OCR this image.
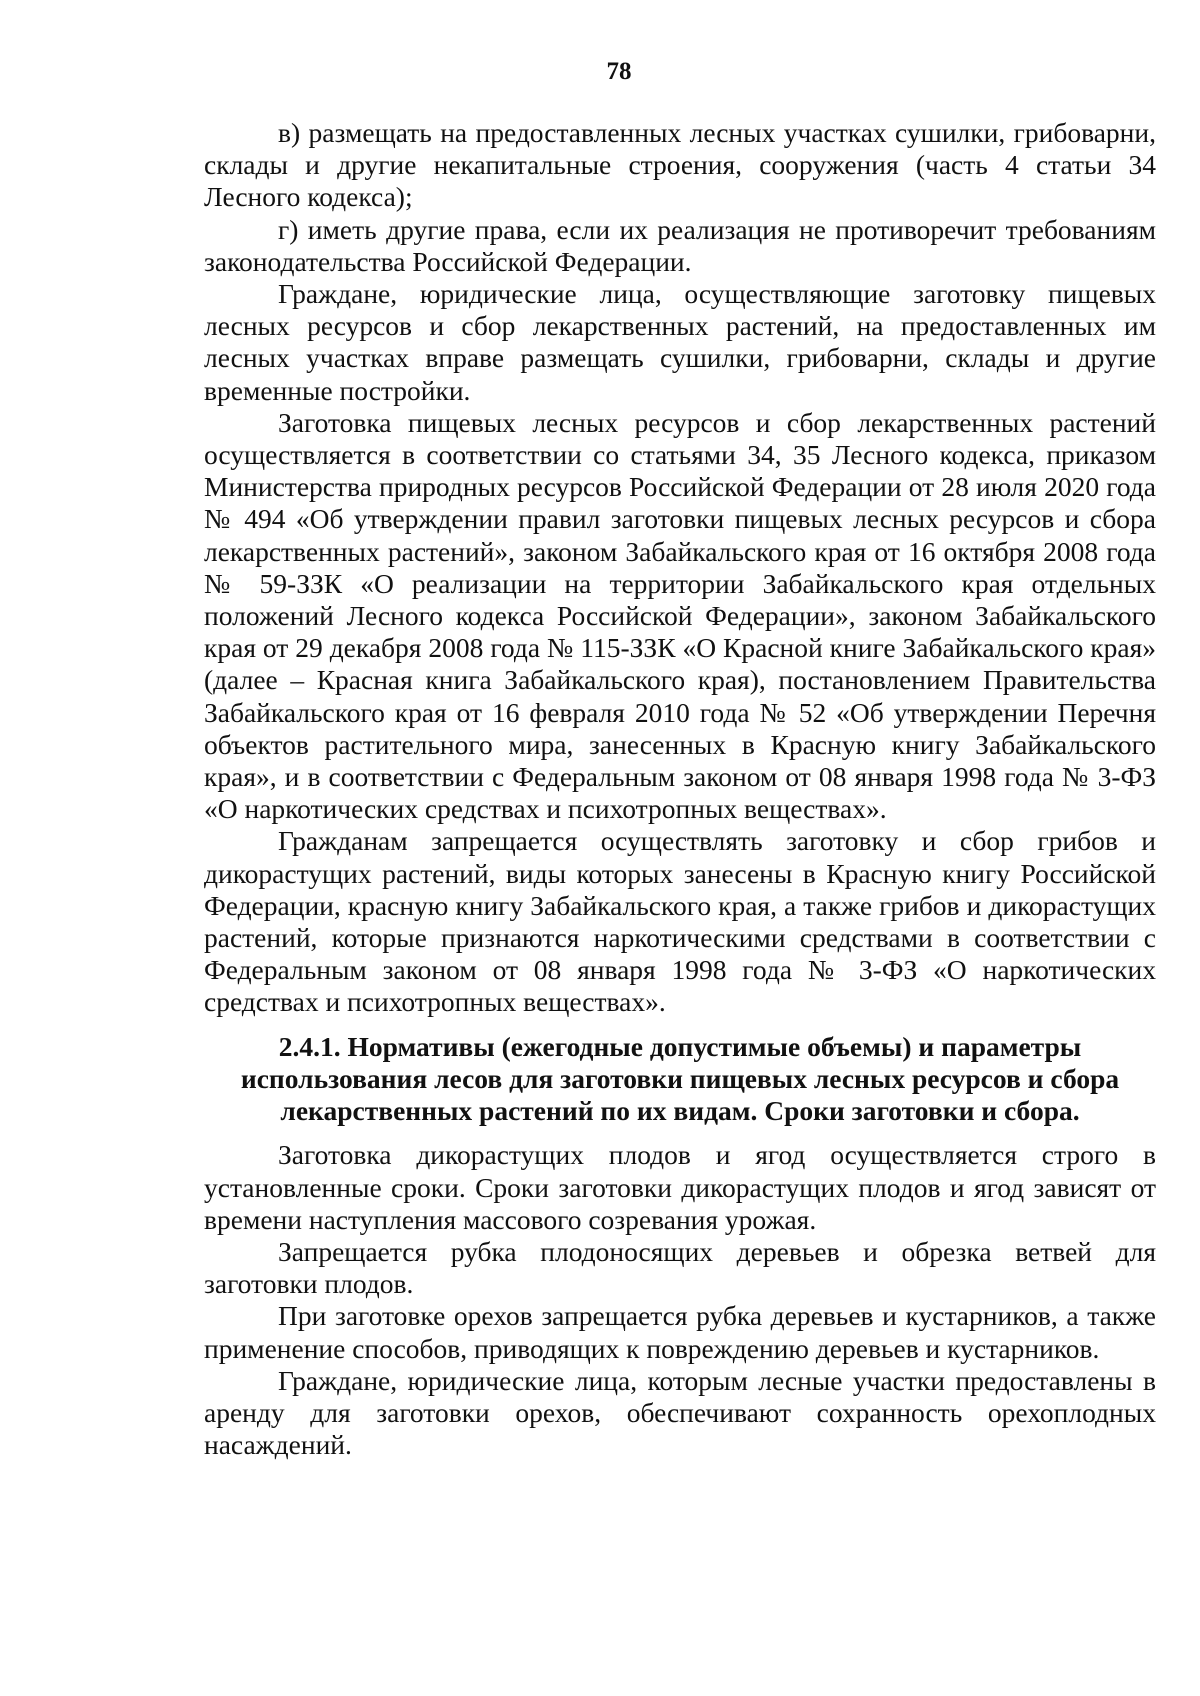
78

в) размещать на предоставленных лесных участках сушилки, грибоварни, склады и другие некапитальные строения, сооружения (часть 4 статьи 34 Лесного кодекса);

г) иметь другие права, если их реализация не противоречит требованиям законодательства Российской Федерации.

Граждане, юридические лица, осуществляющие заготовку пищевых лесных ресурсов и сбор лекарственных растений, на предоставленных им лесных участках вправе размещать сушилки, грибоварни, склады и другие временные постройки.

Заготовка пищевых лесных ресурсов и сбор лекарственных растений осуществляется в соответствии со статьями 34, 35 Лесного кодекса, приказом Министерства природных ресурсов Российской Федерации от 28 июля 2020 года № 494 «Об утверждении правил заготовки пищевых лесных ресурсов и сбора лекарственных растений», законом Забайкальского края от 16 октября 2008 года № 59-ЗЗК «О реализации на территории Забайкальского края отдельных положений Лесного кодекса Российской Федерации», законом Забайкальского края от 29 декабря 2008 года № 115-ЗЗК «О Красной книге Забайкальского края» (далее – Красная книга Забайкальского края), постановлением Правительства Забайкальского края от 16 февраля 2010 года № 52 «Об утверждении Перечня объектов растительного мира, занесенных в Красную книгу Забайкальского края», и в соответствии с Федеральным законом от 08 января 1998 года № 3-ФЗ «О наркотических средствах и психотропных веществах».

Гражданам запрещается осуществлять заготовку и сбор грибов и дикорастущих растений, виды которых занесены в Красную книгу Российской Федерации, красную книгу Забайкальского края, а также грибов и дикорастущих растений, которые признаются наркотическими средствами в соответствии с Федеральным законом от 08 января 1998 года № 3-ФЗ «О наркотических средствах и психотропных веществах».

2.4.1. Нормативы (ежегодные допустимые объемы) и параметры использования лесов для заготовки пищевых лесных ресурсов и сбора лекарственных растений по их видам. Сроки заготовки и сбора.

Заготовка дикорастущих плодов и ягод осуществляется строго в установленные сроки. Сроки заготовки дикорастущих плодов и ягод зависят от времени наступления массового созревания урожая.

Запрещается рубка плодоносящих деревьев и обрезка ветвей для заготовки плодов.

При заготовке орехов запрещается рубка деревьев и кустарников, а также применение способов, приводящих к повреждению деревьев и кустарников.

Граждане, юридические лица, которым лесные участки предоставлены в аренду для заготовки орехов, обеспечивают сохранность орехоплодных насаждений.
